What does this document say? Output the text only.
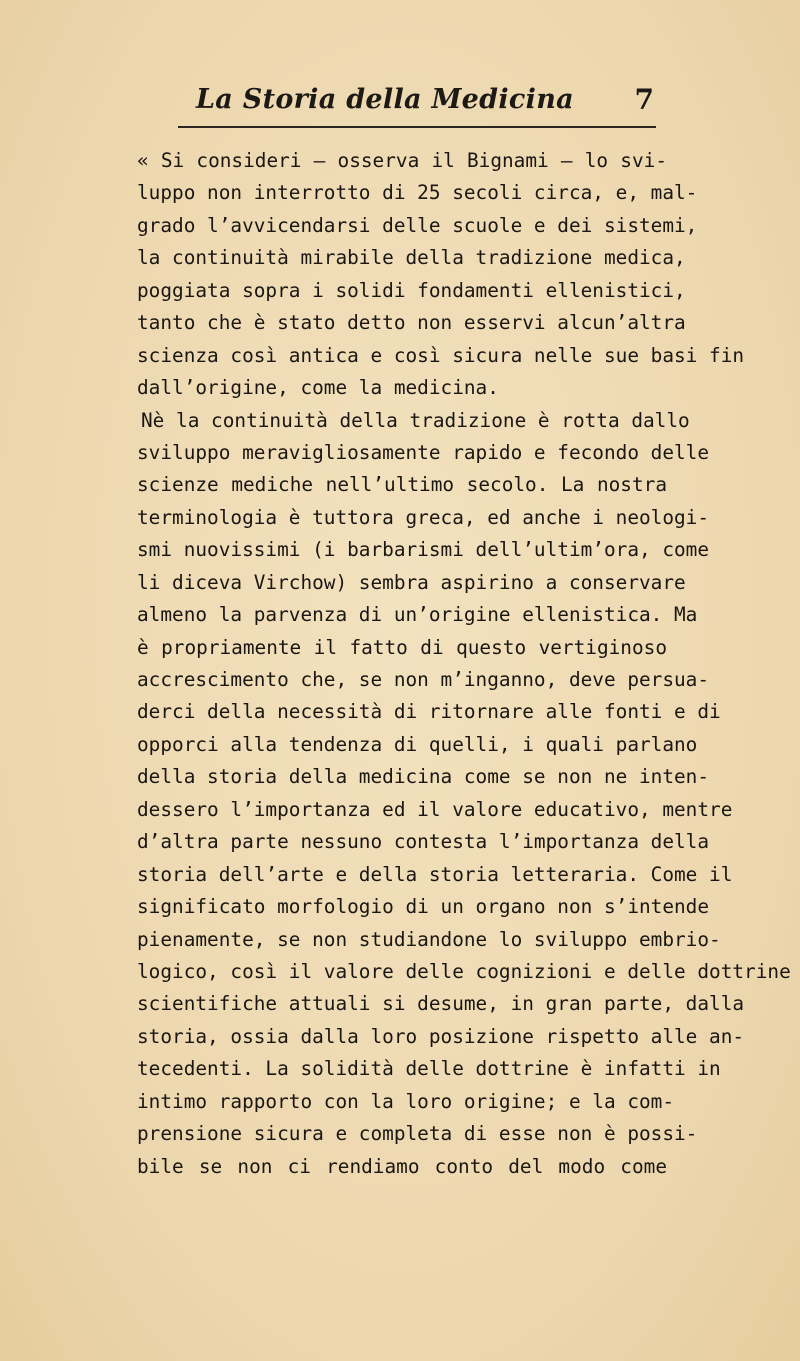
La Storia della Medicina 7
« Si consideri — osserva il Bignami — lo svi-
luppo non interrotto di 25 secoli circa, e, mal-
grado l’avvicendarsi delle scuole e dei sistemi,
la continuità mirabile della tradizione medica,
poggiata sopra i solidi fondamenti ellenistici,
tanto che è stato detto non esservi alcun’altra
scienza così antica e così sicura nelle sue basi fin
dall’origine, come la medicina.
Nè la continuità della tradizione è rotta dallo
sviluppo meravigliosamente rapido e fecondo delle
scienze mediche nell’ultimo secolo. La nostra
terminologia è tuttora greca, ed anche i neologi-
smi nuovissimi (i barbarismi dell’ultim’ora, come
li diceva Virchow) sembra aspirino a conservare
almeno la parvenza di un’origine ellenistica. Ma
è propriamente il fatto di questo vertiginoso
accrescimento che, se non m’inganno, deve persua-
derci della necessità di ritornare alle fonti e di
opporci alla tendenza di quelli, i quali parlano
della storia della medicina come se non ne inten-
dessero l’importanza ed il valore educativo, mentre
d’altra parte nessuno contesta l’importanza della
storia dell’arte e della storia letteraria. Come il
significato morfologio di un organo non s’intende
pienamente, se non studiandone lo sviluppo embrio-
logico, così il valore delle cognizioni e delle dottrine
scientifiche attuali si desume, in gran parte, dalla
storia, ossia dalla loro posizione rispetto alle an-
tecedenti. La solidità delle dottrine è infatti in
intimo rapporto con la loro origine; e la com-
prensione sicura e completa di esse non è possi-
bile se non ci rendiamo conto del modo come
